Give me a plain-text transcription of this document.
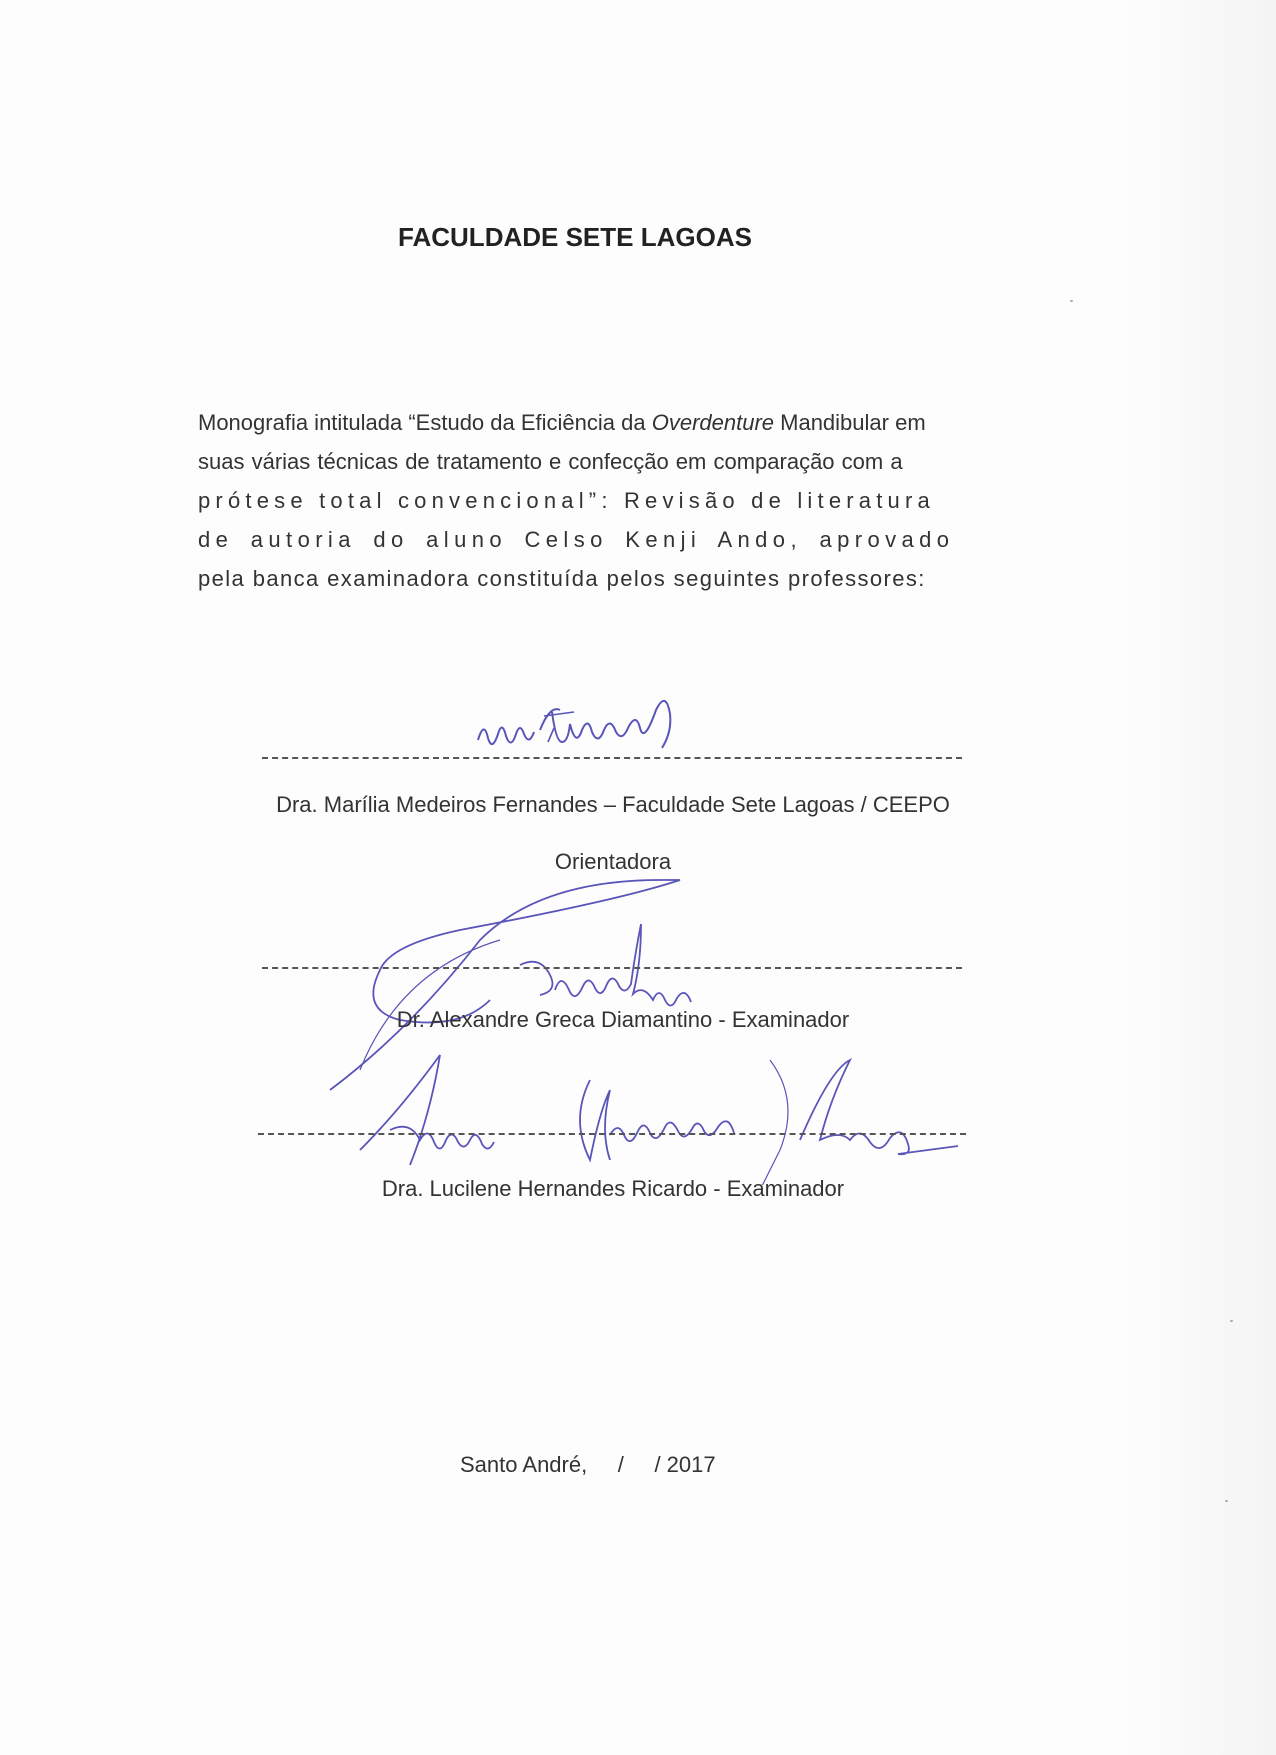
FACULDADE SETE LAGOAS
Monografia intitulada “Estudo da Eficiência da Overdenture Mandibular em
suas várias técnicas de tratamento e confecção em comparação com a
prótese total convencional”: Revisão de literatura
de autoria do aluno Celso Kenji Ando, aprovado
pela banca examinadora constituída pelos seguintes professores:
Dra. Marília Medeiros Fernandes – Faculdade Sete Lagoas / CEEPO
Orientadora
Dr. Alexandre Greca Diamantino - Examinador
Dra. Lucilene Hernandes Ricardo - Examinador
Santo André,     /     / 2017
